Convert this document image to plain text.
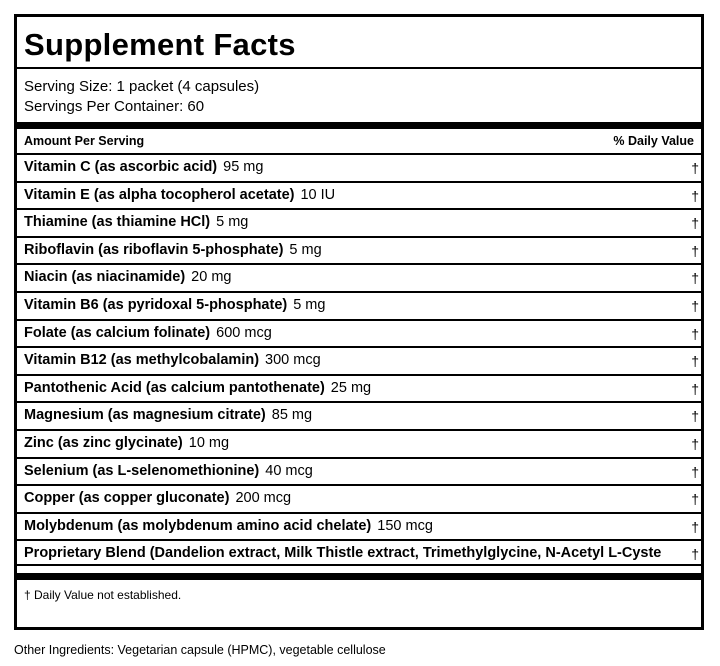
Supplement Facts
Serving Size: 1 packet (4 capsules)
Servings Per Container: 60
Amount Per Serving	% Daily Value
Vitamin C (as ascorbic acid) 95 mg	†
Vitamin E (as alpha tocopherol acetate) 10 IU	†
Thiamine (as thiamine HCl) 5 mg	†
Riboflavin (as riboflavin 5-phosphate) 5 mg	†
Niacin (as niacinamide) 20 mg	†
Vitamin B6 (as pyridoxal 5-phosphate) 5 mg	†
Folate (as calcium folinate) 600 mcg	†
Vitamin B12 (as methylcobalamin) 300 mcg	†
Pantothenic Acid (as calcium pantothenate) 25 mg	†
Magnesium (as magnesium citrate) 85 mg	†
Zinc (as zinc glycinate) 10 mg	†
Selenium (as L-selenomethionine) 40 mcg	†
Copper (as copper gluconate) 200 mcg	†
Molybdenum (as molybdenum amino acid chelate) 150 mcg	†
Proprietary Blend (Dandelion extract, Milk Thistle extract, Trimethylglycine, N-Acetyl L-Cyste	†
† Daily Value not established.
Other Ingredients: Vegetarian capsule (HPMC), vegetable cellulose
